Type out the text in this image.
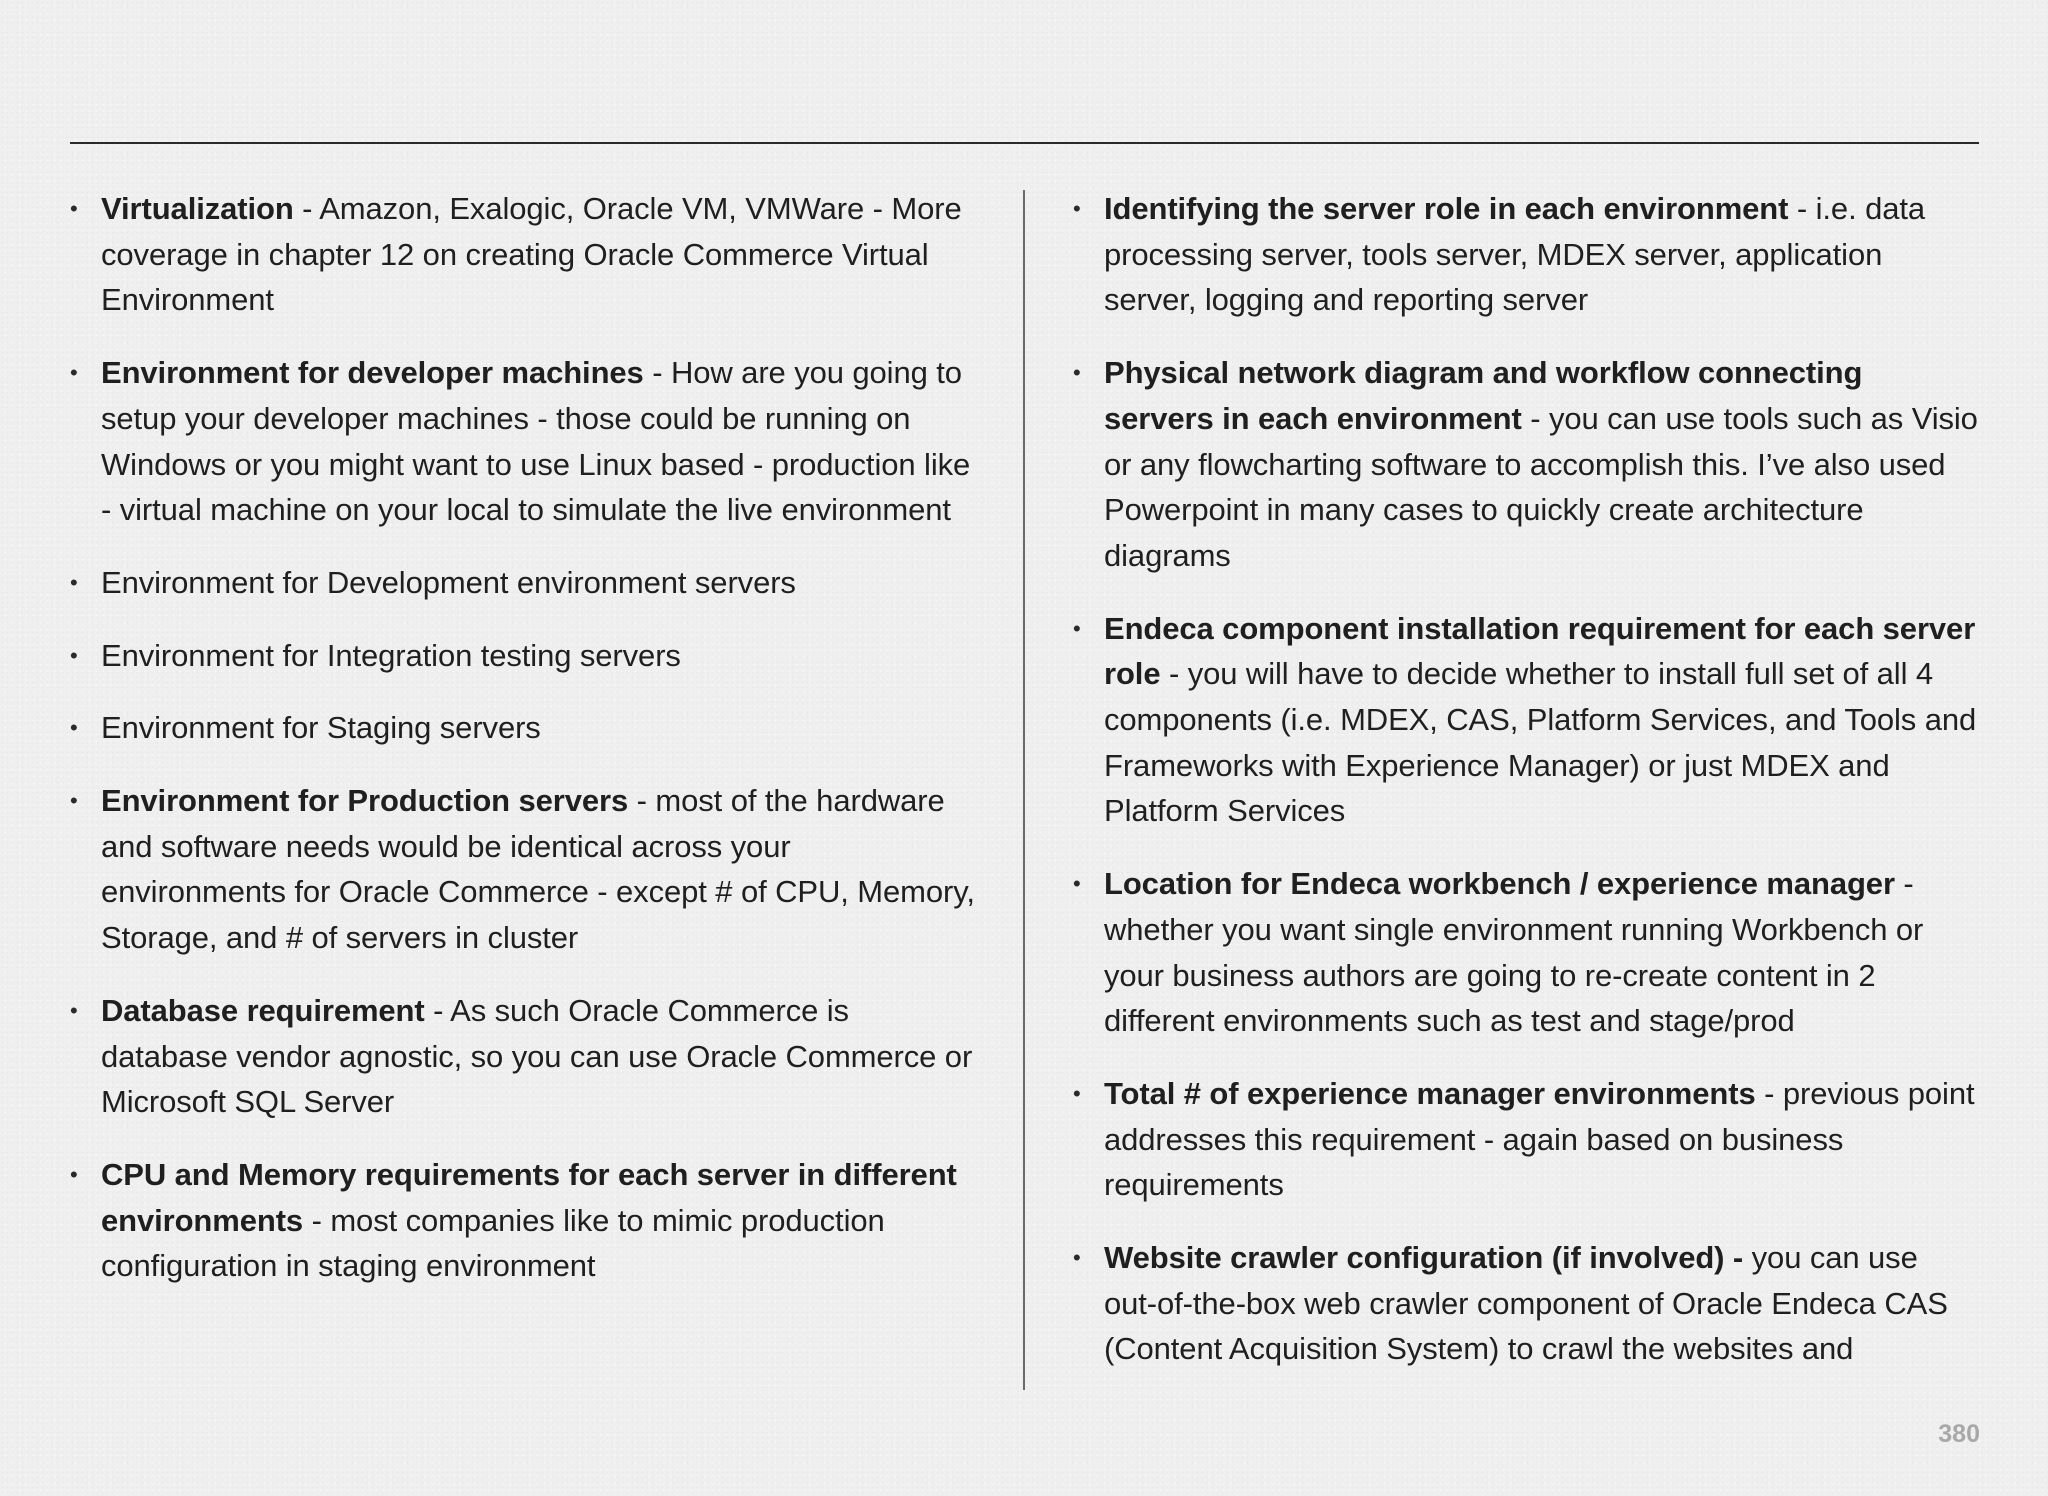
• Virtualization - Amazon, Exalogic, Oracle VM, VMWare - More coverage in chapter 12 on creating Oracle Commerce Virtual Environment
• Environment for developer machines - How are you going to setup your developer machines - those could be running on Windows or you might want to use Linux based - production like - virtual machine on your local to simulate the live environment
• Environment for Development environment servers
• Environment for Integration testing servers
• Environment for Staging servers
• Environment for Production servers - most of the hardware and software needs would be identical across your environments for Oracle Commerce - except # of CPU, Memory, Storage, and # of servers in cluster
• Database requirement - As such Oracle Commerce is database vendor agnostic, so you can use Oracle Commerce or Microsoft SQL Server
• CPU and Memory requirements for each server in different environments - most companies like to mimic production configuration in staging environment
• Identifying the server role in each environment - i.e. data processing server, tools server, MDEX server, application server, logging and reporting server
• Physical network diagram and workflow connecting servers in each environment - you can use tools such as Visio or any flowcharting software to accomplish this. I’ve also used Powerpoint in many cases to quickly create architecture diagrams
• Endeca component installation requirement for each server role - you will have to decide whether to install full set of all 4 components (i.e. MDEX, CAS, Platform Services, and Tools and Frameworks with Experience Manager) or just MDEX and Platform Services
• Location for Endeca workbench / experience manager - whether you want single environment running Workbench or your business authors are going to re-create content in 2 different environments such as test and stage/prod
• Total # of experience manager environments - previous point addresses this requirement - again based on business requirements
• Website crawler configuration (if involved) - you can use out-of-the-box web crawler component of Oracle Endeca CAS (Content Acquisition System) to crawl the websites and
380
